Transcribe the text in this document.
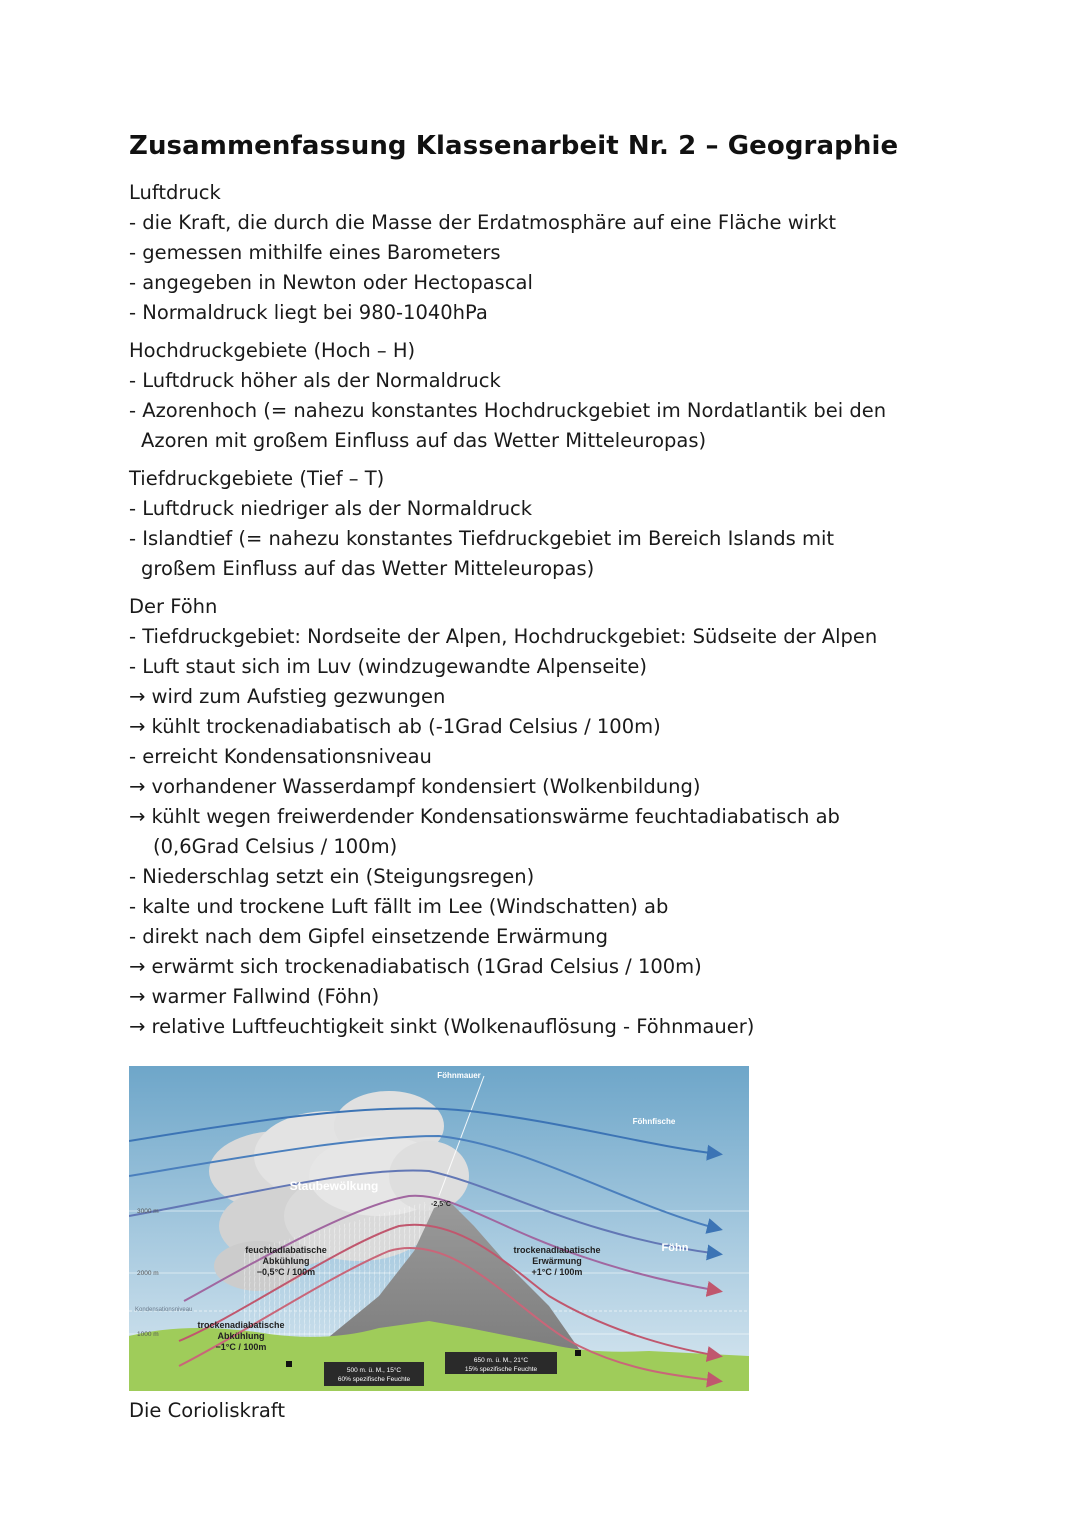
Zusammenfassung Klassenarbeit Nr. 2 – Geographie
Luftdruck
- die Kraft, die durch die Masse der Erdatmosphäre auf eine Fläche wirkt
- gemessen mithilfe eines Barometers
- angegeben in Newton oder Hectopascal
- Normaldruck liegt bei 980-1040hPa
Hochdruckgebiete (Hoch – H)
- Luftdruck höher als der Normaldruck
- Azorenhoch (= nahezu konstantes Hochdruckgebiet im Nordatlantik bei den
Azoren mit großem Einfluss auf das Wetter Mitteleuropas)
Tiefdruckgebiete (Tief – T)
- Luftdruck niedriger als der Normaldruck
- Islandtief (= nahezu konstantes Tiefdruckgebiet im Bereich Islands mit
großem Einfluss auf das Wetter Mitteleuropas)
Der Föhn
- Tiefdruckgebiet: Nordseite der Alpen, Hochdruckgebiet: Südseite der Alpen
- Luft staut sich im Luv (windzugewandte Alpenseite)
→ wird zum Aufstieg gezwungen
→ kühlt trockenadiabatisch ab (-1Grad Celsius / 100m)
- erreicht Kondensationsniveau
→ vorhandener Wasserdampf kondensiert (Wolkenbildung)
→ kühlt wegen freiwerdender Kondensationswärme feuchtadiabatisch ab
(0,6Grad Celsius / 100m)
- Niederschlag setzt ein (Steigungsregen)
- kalte und trockene Luft fällt im Lee (Windschatten) ab
- direkt nach dem Gipfel einsetzende Erwärmung
→ erwärmt sich trockenadiabatisch (1Grad Celsius / 100m)
→ warmer Fallwind (Föhn)
→ relative Luftfeuchtigkeit sinkt (Wolkenauflösung - Föhnmauer)
Föhnmauer
Föhnfische
Staubewölkung
-2,5°C
Föhn
3000 m
2000 m
Kondensationsniveau
1000 m
feuchtadiabatische
Abkühlung
−0,5°C / 100m
trockenadiabatische
Erwärmung
+1°C / 100m
trockenadiabatische
Abkühlung
−1°C / 100m
500 m. ü. M., 15°C
60% spezifische Feuchte
650 m. ü. M., 21°C
15% spezifische Feuchte
Die Corioliskraft
